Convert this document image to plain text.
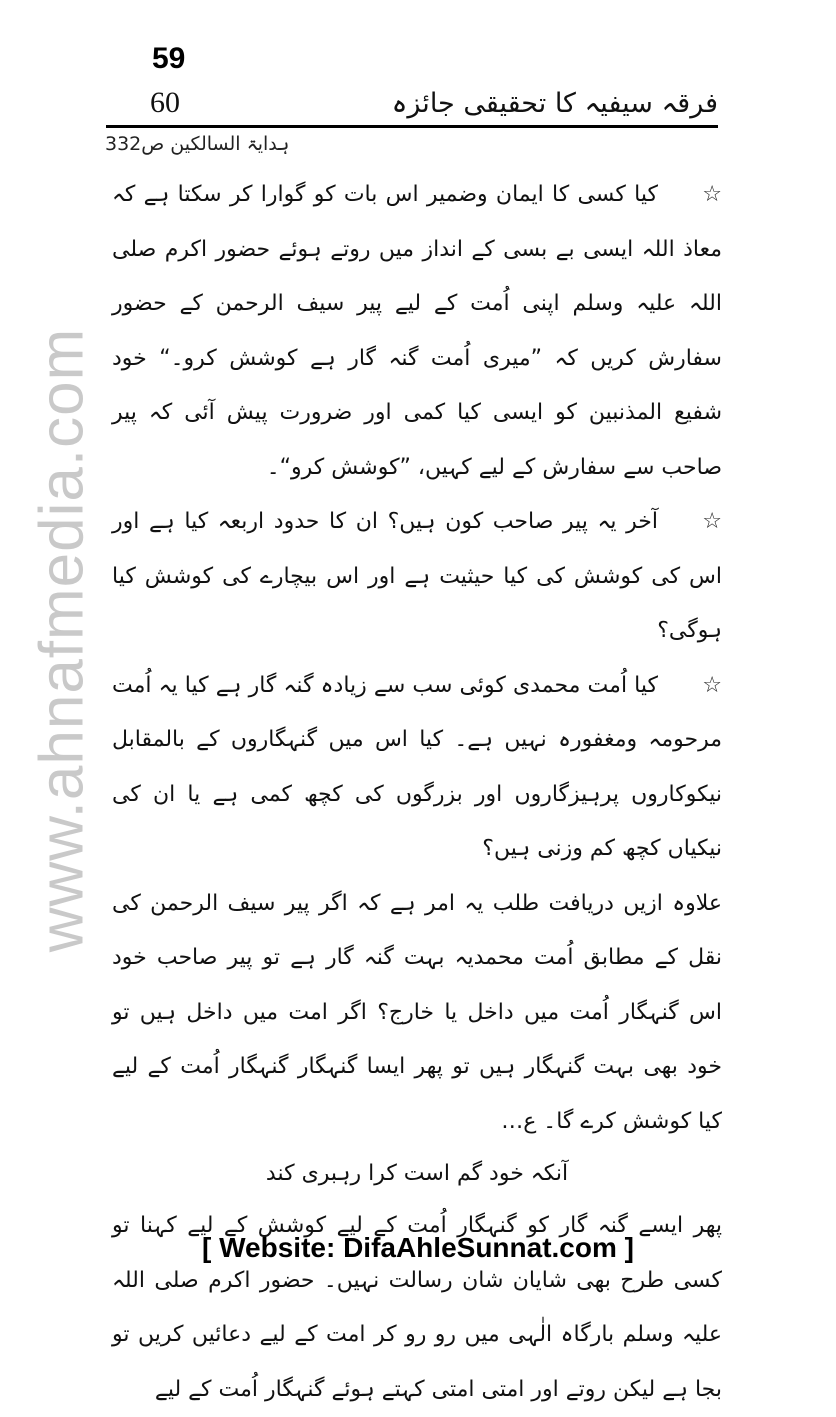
59
60	فرقہ سیفیہ کا تحقیقی جائزہ
ہدایۃ السالکین ص332
www.ahnafmedia.com
☆کیا کسی کا ایمان وضمیر اس بات کو گوارا کر سکتا ہے کہ معاذ اللہ ایسی بے بسی کے انداز میں روتے ہوئے حضور اکرم صلی اللہ علیہ وسلم اپنی اُمت کے لیے پیر سیف الرحمن کے حضور سفارش کریں کہ ”میری اُمت گنہ گار ہے کوشش کرو۔“ خود شفیع المذنبین کو ایسی کیا کمی اور ضرورت پیش آئی کہ پیر صاحب سے سفارش کے لیے کہیں، ”کوشش کرو“۔
☆آخر یہ پیر صاحب کون ہیں؟ ان کا حدود اربعہ کیا ہے اور اس کی کوشش کی کیا حیثیت ہے اور اس بیچارے کی کوشش کیا ہوگی؟
☆کیا اُمت محمدی کوئی سب سے زیادہ گنہ گار ہے کیا یہ اُمت مرحومہ ومغفورہ نہیں ہے۔ کیا اس میں گنہگاروں کے بالمقابل نیکوکاروں پرہیزگاروں اور بزرگوں کی کچھ کمی ہے یا ان کی نیکیاں کچھ کم وزنی ہیں؟
علاوہ ازیں دریافت طلب یہ امر ہے کہ اگر پیر سیف الرحمن کی نقل کے مطابق اُمت محمدیہ بہت گنہ گار ہے تو پیر صاحب خود اس گنہگار اُمت میں داخل یا خارج؟ اگر امت میں داخل ہیں تو خود بھی بہت گنہگار ہیں تو پھر ایسا گنہگار گنہگار اُمت کے لیے کیا کوشش کرے گا۔ ع…
آنکہ خود گم است کرا رہبری کند
پھر ایسے گنہ گار کو گنہگار اُمت کے لیے کوشش کے لیے کہنا تو کسی طرح بھی شایان شان رسالت نہیں۔ حضور اکرم صلی اللہ علیہ وسلم بارگاہ الٰہی میں رو رو کر امت کے لیے دعائیں کریں تو بجا ہے لیکن روتے اور امتی امتی کہتے ہوئے گنہگار اُمت کے لیے
[ Website: DifaAhleSunnat.com ]
